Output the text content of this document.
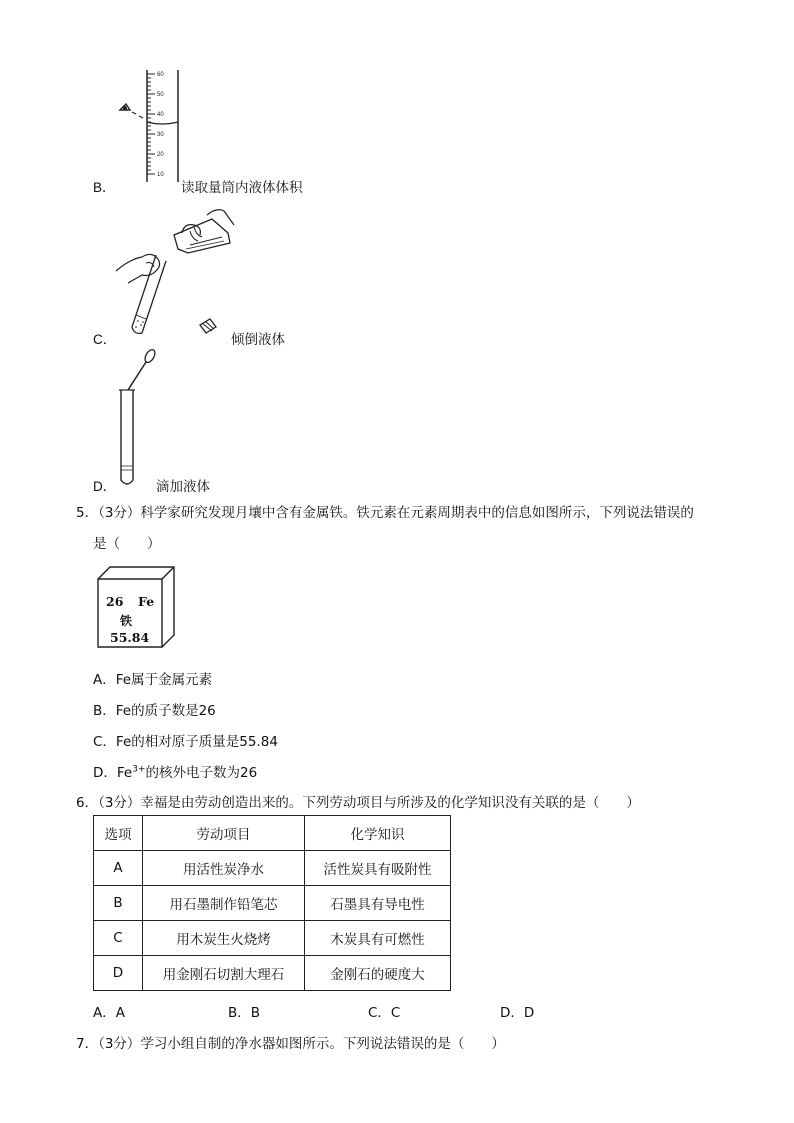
60
50
40
30
20
10
B．	读取量筒内液体体积
C．	倾倒液体
D．	滴加液体
5．（3分）科学家研究发现月壤中含有金属铁。铁元素在元素周期表中的信息如图所示，下列说法错误的
是（　　）
26 Fe
铁
55.84
A．Fe属于金属元素
B．Fe的质子数是26
C．Fe的相对原子质量是55.84
D．$Fe^{3+}$的核外电子数为26
6．（3分）幸福是由劳动创造出来的。下列劳动项目与所涉及的化学知识没有关联的是（　　）
选项	劳动项目	化学知识
A	用活性炭净水	活性炭具有吸附性
B	用石墨制作铅笔芯	石墨具有导电性
C	用木炭生火烧烤	木炭具有可燃性
D	用金刚石切割大理石	金刚石的硬度大
A．A	B．B	C．C	D．D
7．（3分）学习小组自制的净水器如图所示。下列说法错误的是（　　）
